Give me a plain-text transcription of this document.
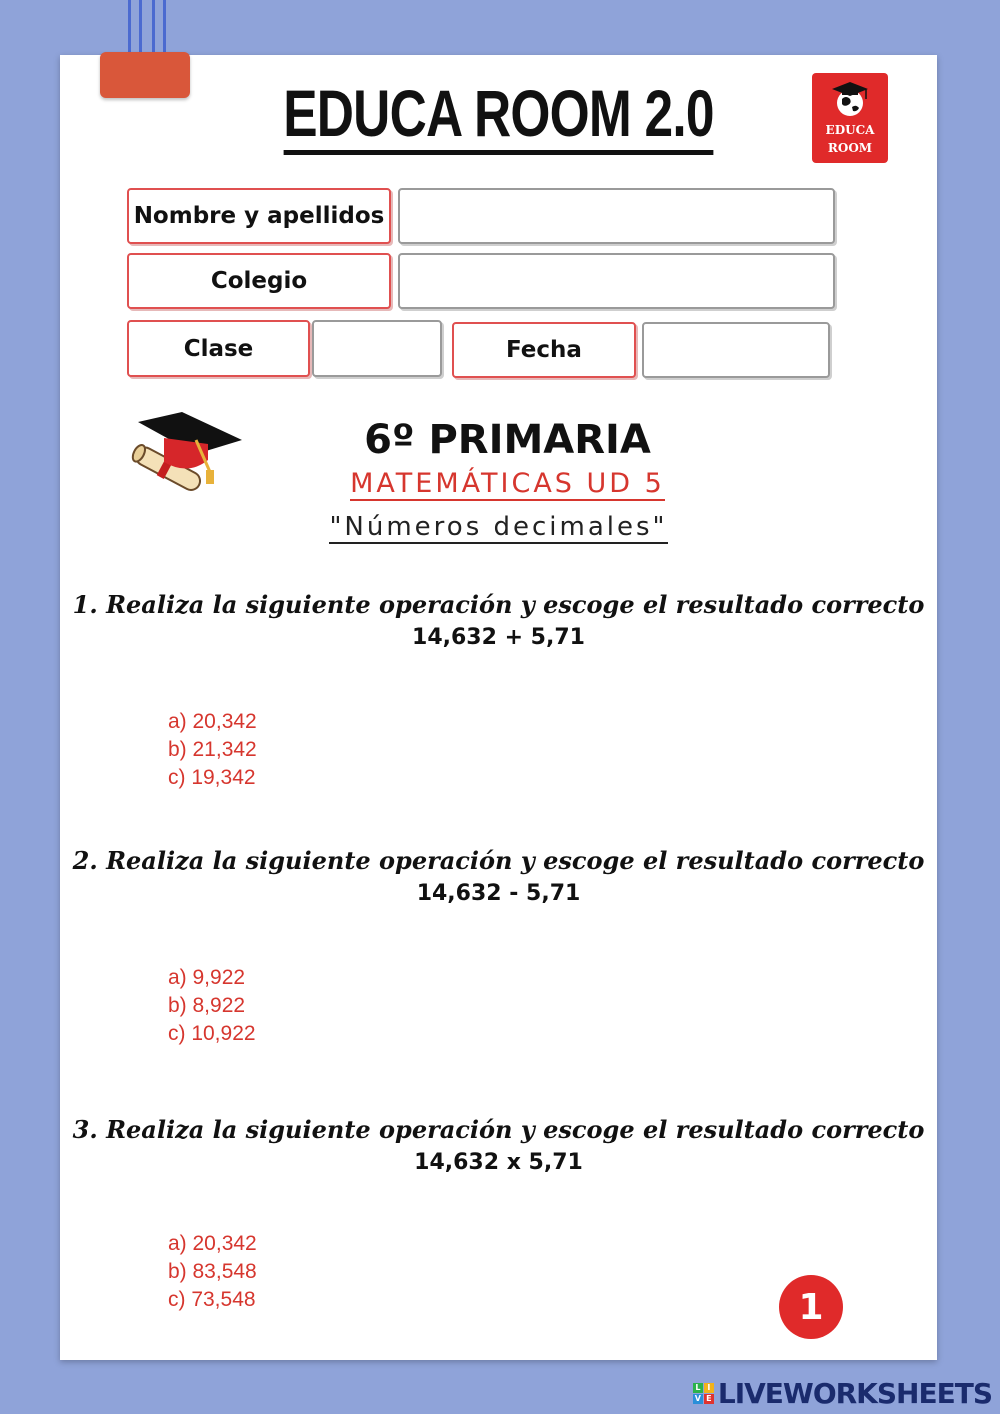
EDUCA ROOM 2.0	EDUCA
ROOM
Nombre y apellidos
Colegio
Clase	Fecha
6º PRIMARIA
MATEMÁTICAS UD 5
"Números decimales"
1. Realiza la siguiente operación y escoge el resultado correcto
14,632 + 5,71
a) 20,342
b) 21,342
c) 19,342
2. Realiza la siguiente operación y escoge el resultado correcto
14,632 - 5,71
a) 9,922
b) 8,922
c) 10,922
3. Realiza la siguiente operación y escoge el resultado correcto
14,632 x 5,71
a) 20,342
b) 83,548
c) 73,548	1
L I
V E LIVEWORKSHEETS
